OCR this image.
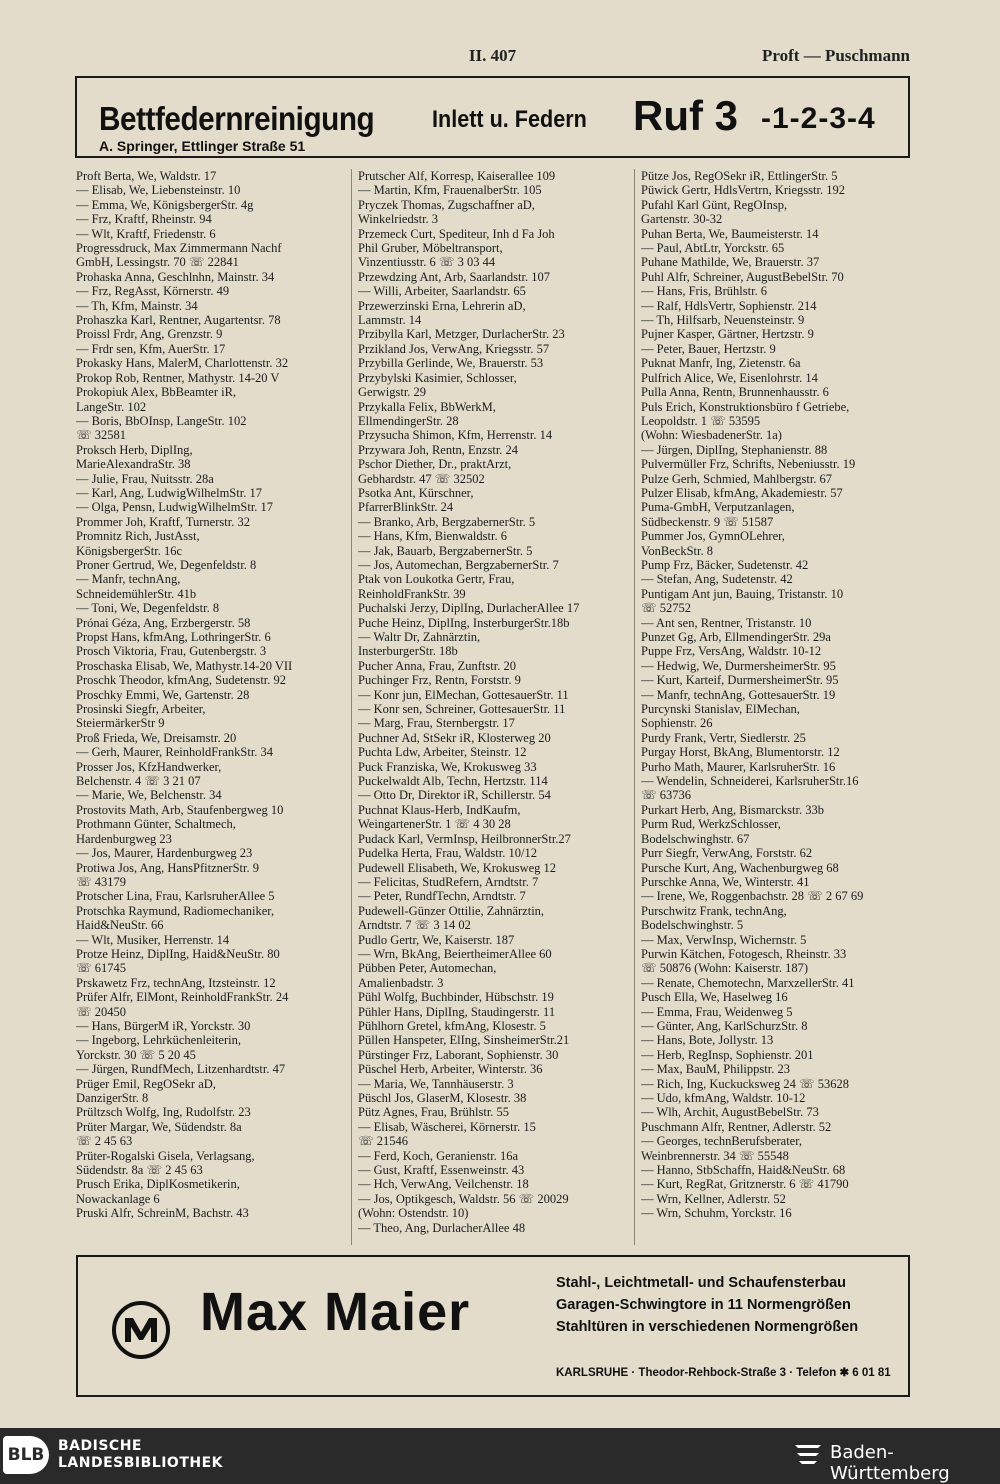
II. 407	Proft — Puschmann
Bettfedernreinigung Inlett u. Federn Ruf 3 -1-2-3-4
A. Springer, Ettlinger Straße 51
Proft Berta, We, Waldstr. 17
— Elisab, We, Liebensteinstr. 10
— Emma, We, KönigsbergerStr. 4g
— Frz, Kraftf, Rheinstr. 94
— Wlt, Kraftf, Friedenstr. 6
Progressdruck, Max Zimmermann Nachf
GmbH, Lessingstr. 70 ☏ 22841
Prohaska Anna, Geschlnhn, Mainstr. 34
— Frz, RegAsst, Körnerstr. 49
— Th, Kfm, Mainstr. 34
Prohaszka Karl, Rentner, Augartentsr. 78
Proissl Frdr, Ang, Grenzstr. 9
— Frdr sen, Kfm, AuerStr. 17
Prokasky Hans, MalerM, Charlottenstr. 32
Prokop Rob, Rentner, Mathystr. 14-20 V
Prokopiuk Alex, BbBeamter iR,
LangeStr. 102
— Boris, BbOInsp, LangeStr. 102
☏ 32581
Proksch Herb, DiplIng,
MarieAlexandraStr. 38
— Julie, Frau, Nuitsstr. 28a
— Karl, Ang, LudwigWilhelmStr. 17
— Olga, Pensn, LudwigWilhelmStr. 17
Prommer Joh, Kraftf, Turnerstr. 32
Promnitz Rich, JustAsst,
KönigsbergerStr. 16c
Proner Gertrud, We, Degenfeldstr. 8
— Manfr, technAng,
SchneidemühlerStr. 41b
— Toni, We, Degenfeldstr. 8
Prónai Géza, Ang, Erzbergerstr. 58
Propst Hans, kfmAng, LothringerStr. 6
Prosch Viktoria, Frau, Gutenbergstr. 3
Proschaska Elisab, We, Mathystr.14-20 VII
Proschk Theodor, kfmAng, Sudetenstr. 92
Proschky Emmi, We, Gartenstr. 28
Prosinski Siegfr, Arbeiter,
SteiermärkerStr 9
Proß Frieda, We, Dreisamstr. 20
— Gerh, Maurer, ReinholdFrankStr. 34
Prosser Jos, KfzHandwerker,
Belchenstr. 4 ☏ 3 21 07
— Marie, We, Belchenstr. 34
Prostovits Math, Arb, Staufenbergweg 10
Prothmann Günter, Schaltmech,
Hardenburgweg 23
— Jos, Maurer, Hardenburgweg 23
Protiwa Jos, Ang, HansPfitznerStr. 9
☏ 43179
Protscher Lina, Frau, KarlsruherAllee 5
Protschka Raymund, Radiomechaniker,
Haid&NeuStr. 66
— Wlt, Musiker, Herrenstr. 14
Protze Heinz, DiplIng, Haid&NeuStr. 80
☏ 61745
Prskawetz Frz, technAng, Itzsteinstr. 12
Prüfer Alfr, ElMont, ReinholdFrankStr. 24
☏ 20450
— Hans, BürgerM iR, Yorckstr. 30
— Ingeborg, Lehrküchenleiterin,
Yorckstr. 30 ☏ 5 20 45
— Jürgen, RundfMech, Litzenhardtstr. 47
Prüger Emil, RegOSekr aD,
DanzigerStr. 8
Prültzsch Wolfg, Ing, Rudolfstr. 23
Prüter Margar, We, Südendstr. 8a
☏ 2 45 63
Prüter-Rogalski Gisela, Verlagsang,
Südendstr. 8a ☏ 2 45 63
Prusch Erika, DiplKosmetikerin,
Nowackanlage 6
Pruski Alfr, SchreinM, Bachstr. 43
Prutscher Alf, Korresp, Kaiserallee 109
— Martin, Kfm, FrauenalberStr. 105
Pryczek Thomas, Zugschaffner aD,
Winkelriedstr. 3
Przemeck Curt, Spediteur, Inh d Fa Joh
Phil Gruber, Möbeltransport,
Vinzentiusstr. 6 ☏ 3 03 44
Przewdzing Ant, Arb, Saarlandstr. 107
— Willi, Arbeiter, Saarlandstr. 65
Przewerzinski Erna, Lehrerin aD,
Lammstr. 14
Przibylla Karl, Metzger, DurlacherStr. 23
Przikland Jos, VerwAng, Kriegsstr. 57
Przybilla Gerlinde, We, Brauerstr. 53
Przybylski Kasimier, Schlosser,
Gerwigstr. 29
Przykalla Felix, BbWerkM,
EllmendingerStr. 28
Przysucha Shimon, Kfm, Herrenstr. 14
Przywara Joh, Rentn, Enzstr. 24
Pschor Diether, Dr., praktArzt,
Gebhardstr. 47 ☏ 32502
Psotka Ant, Kürschner,
PfarrerBlinkStr. 24
— Branko, Arb, BergzabernerStr. 5
— Hans, Kfm, Bienwaldstr. 6
— Jak, Bauarb, BergzabernerStr. 5
— Jos, Automechan, BergzabernerStr. 7
Ptak von Loukotka Gertr, Frau,
ReinholdFrankStr. 39
Puchalski Jerzy, DiplIng, DurlacherAllee 17
Puche Heinz, DiplIng, InsterburgerStr.18b
— Waltr Dr, Zahnärztin,
InsterburgerStr. 18b
Pucher Anna, Frau, Zunftstr. 20
Puchinger Frz, Rentn, Forststr. 9
— Konr jun, ElMechan, GottesauerStr. 11
— Konr sen, Schreiner, GottesauerStr. 11
— Marg, Frau, Sternbergstr. 17
Puchner Ad, StSekr iR, Klosterweg 20
Puchta Ldw, Arbeiter, Steinstr. 12
Puck Franziska, We, Krokusweg 33
Puckelwaldt Alb, Techn, Hertzstr. 114
— Otto Dr, Direktor iR, Schillerstr. 54
Puchnat Klaus-Herb, IndKaufm,
WeingartenerStr. 1 ☏ 4 30 28
Pudack Karl, VermInsp, HeilbronnerStr.27
Pudelka Herta, Frau, Waldstr. 10/12
Pudewell Elisabeth, We, Krokusweg 12
— Felicitas, StudRefern, Arndtstr. 7
— Peter, RundfTechn, Arndtstr. 7
Pudewell-Günzer Ottilie, Zahnärztin,
Arndtstr. 7 ☏ 3 14 02
Pudlo Gertr, We, Kaiserstr. 187
— Wrn, BkAng, BeiertheimerAllee 60
Pübben Peter, Automechan,
Amalienbadstr. 3
Pühl Wolfg, Buchbinder, Hübschstr. 19
Pühler Hans, DiplIng, Staudingerstr. 11
Pühlhorn Gretel, kfmAng, Klosestr. 5
Püllen Hanspeter, ElIng, SinsheimerStr.21
Pürstinger Frz, Laborant, Sophienstr. 30
Püschel Herb, Arbeiter, Winterstr. 36
— Maria, We, Tannhäuserstr. 3
Püschl Jos, GlaserM, Klosestr. 38
Pütz Agnes, Frau, Brühlstr. 55
— Elisab, Wäscherei, Körnerstr. 15
☏ 21546
— Ferd, Koch, Geranienstr. 16a
— Gust, Kraftf, Essenweinstr. 43
— Hch, VerwAng, Veilchenstr. 18
— Jos, Optikgesch, Waldstr. 56 ☏ 20029
(Wohn: Ostendstr. 10)
— Theo, Ang, DurlacherAllee 48
Pütze Jos, RegOSekr iR, EttlingerStr. 5
Püwick Gertr, HdlsVertrn, Kriegsstr. 192
Pufahl Karl Günt, RegOInsp,
Gartenstr. 30-32
Puhan Berta, We, Baumeisterstr. 14
— Paul, AbtLtr, Yorckstr. 65
Puhane Mathilde, We, Brauerstr. 37
Puhl Alfr, Schreiner, AugustBebelStr. 70
— Hans, Fris, Brühlstr. 6
— Ralf, HdlsVertr, Sophienstr. 214
— Th, Hilfsarb, Neuensteinstr. 9
Pujner Kasper, Gärtner, Hertzstr. 9
— Peter, Bauer, Hertzstr. 9
Puknat Manfr, Ing, Zietenstr. 6a
Pulfrich Alice, We, Eisenlohrstr. 14
Pulla Anna, Rentn, Brunnenhausstr. 6
Puls Erich, Konstruktionsbüro f Getriebe,
Leopoldstr. 1 ☏ 53595
(Wohn: WiesbadenerStr. 1a)
— Jürgen, DiplIng, Stephanienstr. 88
Pulvermüller Frz, Schrifts, Nebeniusstr. 19
Pulze Gerh, Schmied, Mahlbergstr. 67
Pulzer Elisab, kfmAng, Akademiestr. 57
Puma-GmbH, Verputzanlagen,
Südbeckenstr. 9 ☏ 51587
Pummer Jos, GymnOLehrer,
VonBeckStr. 8
Pump Frz, Bäcker, Sudetenstr. 42
— Stefan, Ang, Sudetenstr. 42
Puntigam Ant jun, Bauing, Tristanstr. 10
☏ 52752
— Ant sen, Rentner, Tristanstr. 10
Punzet Gg, Arb, EllmendingerStr. 29a
Puppe Frz, VersAng, Waldstr. 10-12
— Hedwig, We, DurmersheimerStr. 95
— Kurt, Karteif, DurmersheimerStr. 95
— Manfr, technAng, GottesauerStr. 19
Purcynski Stanislav, ElMechan,
Sophienstr. 26
Purdy Frank, Vertr, Siedlerstr. 25
Purgay Horst, BkAng, Blumentorstr. 12
Purho Math, Maurer, KarlsruherStr. 16
— Wendelin, Schneiderei, KarlsruherStr.16
☏ 63736
Purkart Herb, Ang, Bismarckstr. 33b
Purm Rud, WerkzSchlosser,
Bodelschwinghstr. 67
Purr Siegfr, VerwAng, Forststr. 62
Pursche Kurt, Ang, Wachenburgweg 68
Purschke Anna, We, Winterstr. 41
— Irene, We, Roggenbachstr. 28 ☏ 2 67 69
Purschwitz Frank, technAng,
Bodelschwinghstr. 5
— Max, VerwInsp, Wichernstr. 5
Purwin Kätchen, Fotogesch, Rheinstr. 33
☏ 50876 (Wohn: Kaiserstr. 187)
— Renate, Chemotechn, MarxzellerStr. 41
Pusch Ella, We, Haselweg 16
— Emma, Frau, Weidenweg 5
— Günter, Ang, KarlSchurzStr. 8
— Hans, Bote, Jollystr. 13
— Herb, RegInsp, Sophienstr. 201
— Max, BauM, Philippstr. 23
— Rich, Ing, Kuckucksweg 24 ☏ 53628
— Udo, kfmAng, Waldstr. 10-12
— Wlh, Archit, AugustBebelStr. 73
Puschmann Alfr, Rentner, Adlerstr. 52
— Georges, technBerufsberater,
Weinbrennerstr. 34 ☏ 55548
— Hanno, StbSchaffn, Haid&NeuStr. 68
— Kurt, RegRat, Gritznerstr. 6 ☏ 41790
— Wrn, Kellner, Adlerstr. 52
— Wrn, Schuhm, Yorckstr. 16
Max Maier	Stahl-, Leichtmetall- und Schaufensterbau
Garagen-Schwingtore in 11 Normengrößen
Stahltüren in verschiedenen Normengrößen
KARLSRUHE · Theodor-Rehbock-Straße 3 · Telefon ✱ 6 01 81
BLB BADISCHE
LANDESBIBLIOTHEK	Baden-Württemberg
